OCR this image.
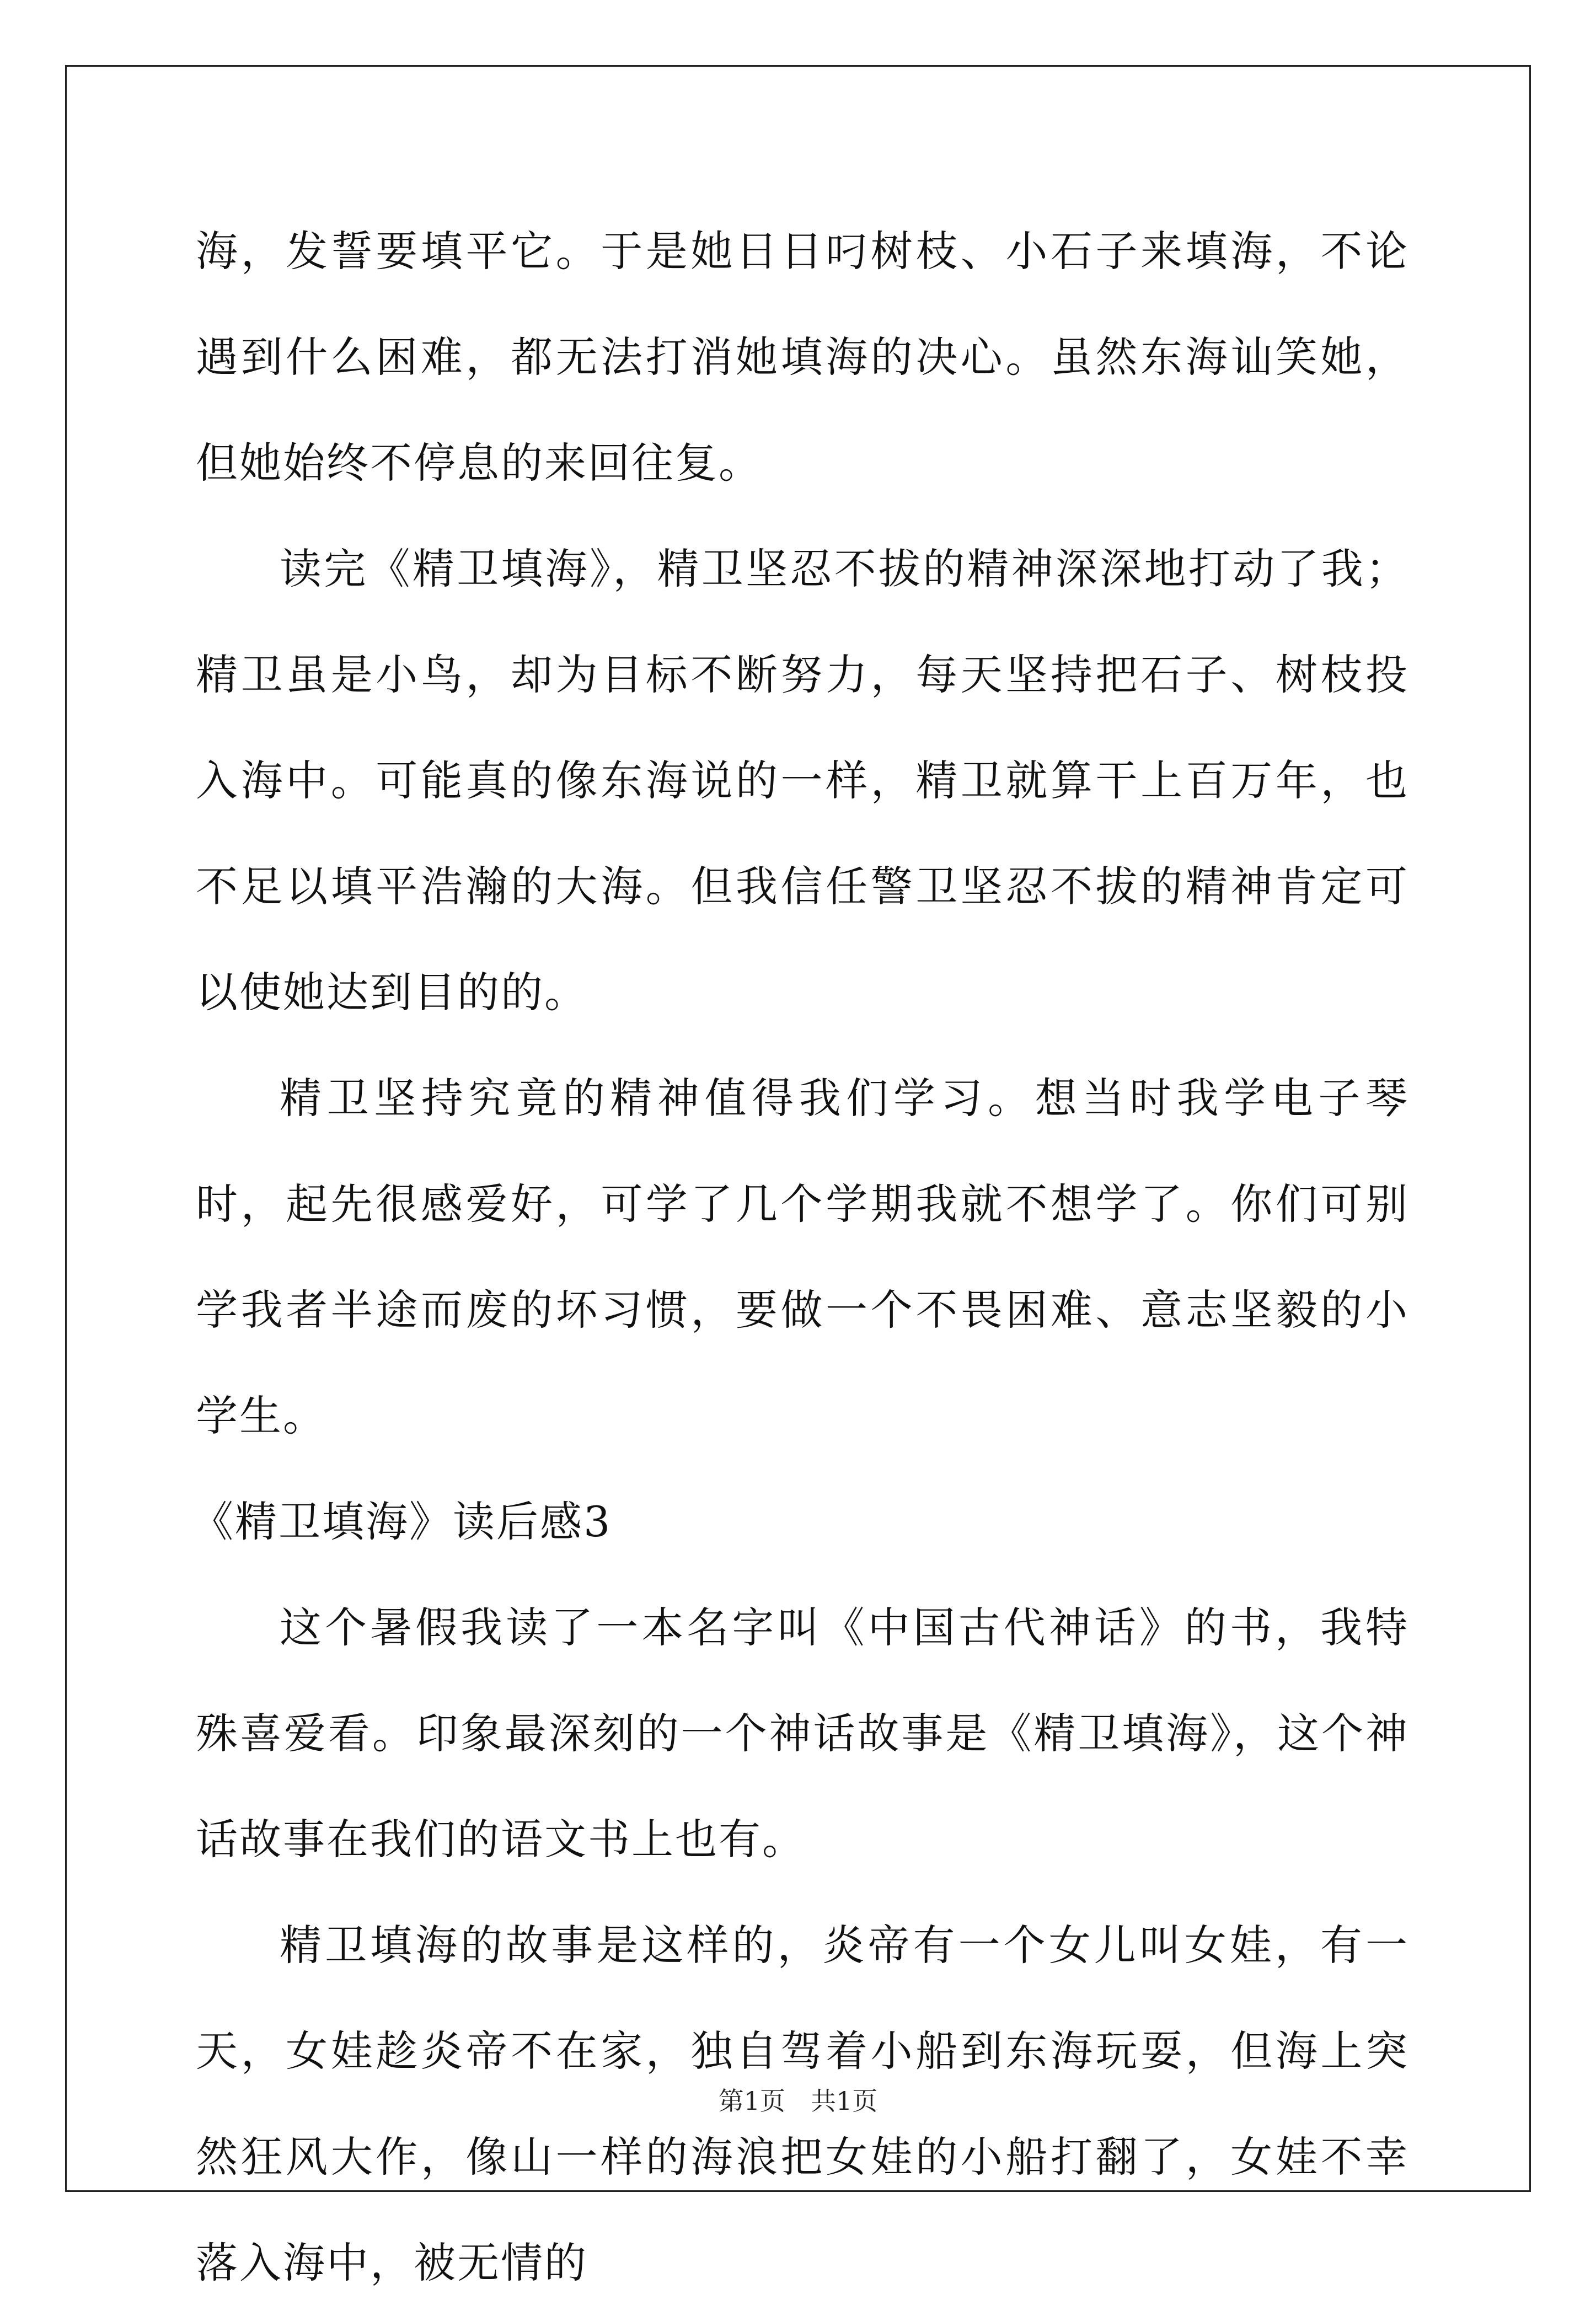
海，发誓要填平它。于是她日日叼树枝、小石子来填海，不论遇到什么困难，都无法打消她填海的决心。虽然东海讪笑她，但她始终不停息的来回往复。

读完《精卫填海》，精卫坚忍不拔的精神深深地打动了我；精卫虽是小鸟，却为目标不断努力，每天坚持把石子、树枝投入海中。可能真的像东海说的一样，精卫就算干上百万年，也不足以填平浩瀚的大海。但我信任警卫坚忍不拔的精神肯定可以使她达到目的的。

精卫坚持究竟的精神值得我们学习。想当时我学电子琴时，起先很感爱好，可学了几个学期我就不想学了。你们可别学我者半途而废的坏习惯，要做一个不畏困难、意志坚毅的小学生。

《精卫填海》读后感3

这个暑假我读了一本名字叫《中国古代神话》的书，我特殊喜爱看。印象最深刻的一个神话故事是《精卫填海》，这个神话故事在我们的语文书上也有。

精卫填海的故事是这样的，炎帝有一个女儿叫女娃，有一天，女娃趁炎帝不在家，独自驾着小船到东海玩耍，但海上突然狂风大作，像山一样的海浪把女娃的小船打翻了，女娃不幸落入海中，被无情的

第1页　共1页
